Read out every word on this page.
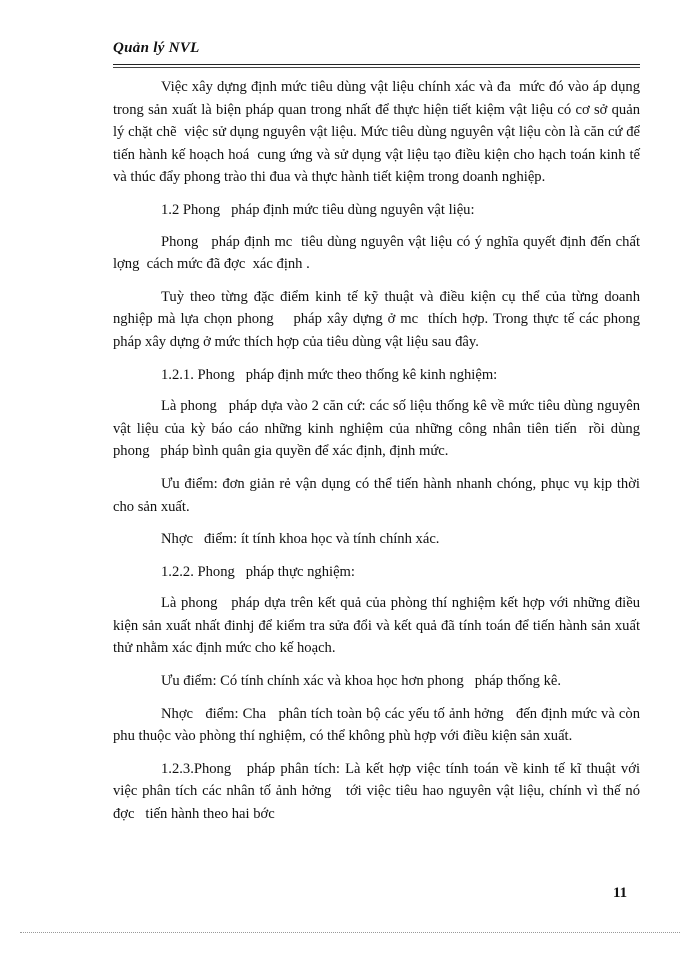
Quản lý NVL

Việc xây dựng định mức tiêu dùng vật liệu chính xác và đa  mức đó vào áp dụng trong sản xuất là biện pháp quan trong nhất để thực hiện tiết kiệm vật liệu có cơ sở quản lý chặt chẽ  việc sử dụng nguyên vật liệu. Mức tiêu dùng nguyên vật liệu còn là căn cứ để tiến hành kế hoạch hoá  cung ứng và sử dụng vật liệu tạo điều kiện cho hạch toán kinh tế và thúc đẩy phong trào thi đua và thực hành tiết kiệm trong doanh nghiệp.

1.2 Phong   pháp định mức tiêu dùng nguyên vật liệu:

Phong   pháp định mc  tiêu dùng nguyên vật liệu có ý nghĩa quyết định đến chất lợng  cách mức đã đợc  xác định .

Tuỳ theo từng đặc điểm kinh tế kỹ thuật và điều kiện cụ thể của từng doanh nghiệp mà lựa chọn phong    pháp xây dựng ở mc  thích hợp. Trong thực tế các phong   pháp xây dựng ở mức thích hợp của tiêu dùng vật liệu sau đây.

1.2.1. Phong   pháp định mức theo thống kê kinh nghiệm:

Là phong   pháp dựa vào 2 căn cứ: các số liệu thống kê về mức tiêu dùng nguyên vật liệu của kỳ báo cáo những kinh nghiệm của những công nhân tiên tiến  rồi dùng phong   pháp bình quân gia quyền để xác định, định mức.

Ưu điểm: đơn giản rẻ vận dụng có thể tiến hành nhanh chóng, phục vụ kịp thời cho sản xuất.

Nhợc   điểm: ít tính khoa học và tính chính xác.

1.2.2. Phong   pháp thực nghiệm:

Là phong   pháp dựa trên kết quả của phòng thí nghiệm kết hợp với những điều kiện sản xuất nhất đinhj để kiểm tra sửa đổi và kết quả đã tính toán để tiến hành sản xuất thử nhằm xác định mức cho kế hoạch.

Ưu điểm: Có tính chính xác và khoa học hơn phong   pháp thống kê.

Nhợc   điểm: Cha   phân tích toàn bộ các yếu tố ảnh hởng   đến định mức và còn phu thuộc vào phòng thí nghiệm, có thể không phù hợp với điều kiện sản xuất.

1.2.3.Phong   pháp phân tích: Là kết hợp việc tính toán về kinh tế kĩ thuật với việc phân tích các nhân tố ảnh hởng   tới việc tiêu hao nguyên vật liệu, chính vì thế nó đợc   tiến hành theo hai bớc

11
